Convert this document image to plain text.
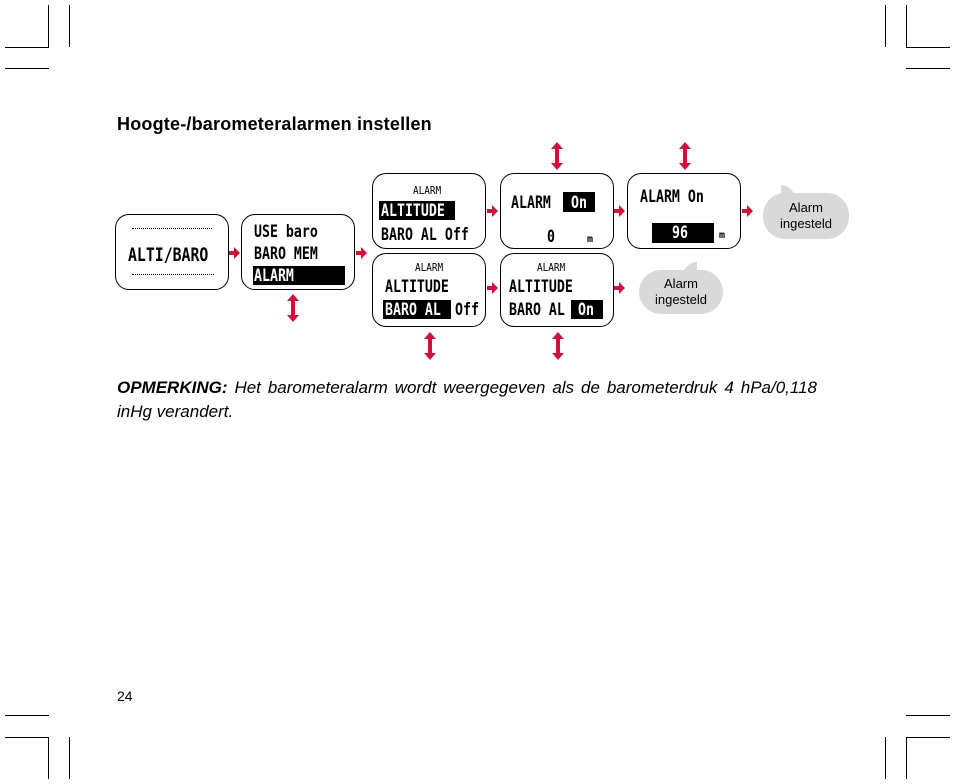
Hoogte-/barometeralarmen instellen
ALTI/BARO
USE baro
BARO MEM
ALARM
ALARM
ALTITUDE
BARO AL Off
ALARM
ALTITUDE
BARO AL Off
ALARM On
0	m
ALARM
ALTITUDE
BARO AL On
ALARM On
96	m
Alarm
ingesteld
Alarm
ingesteld
OPMERKING: Het barometeralarm wordt weergegeven als de barometerdruk 4 hPa/0,118 inHg verandert.
24
